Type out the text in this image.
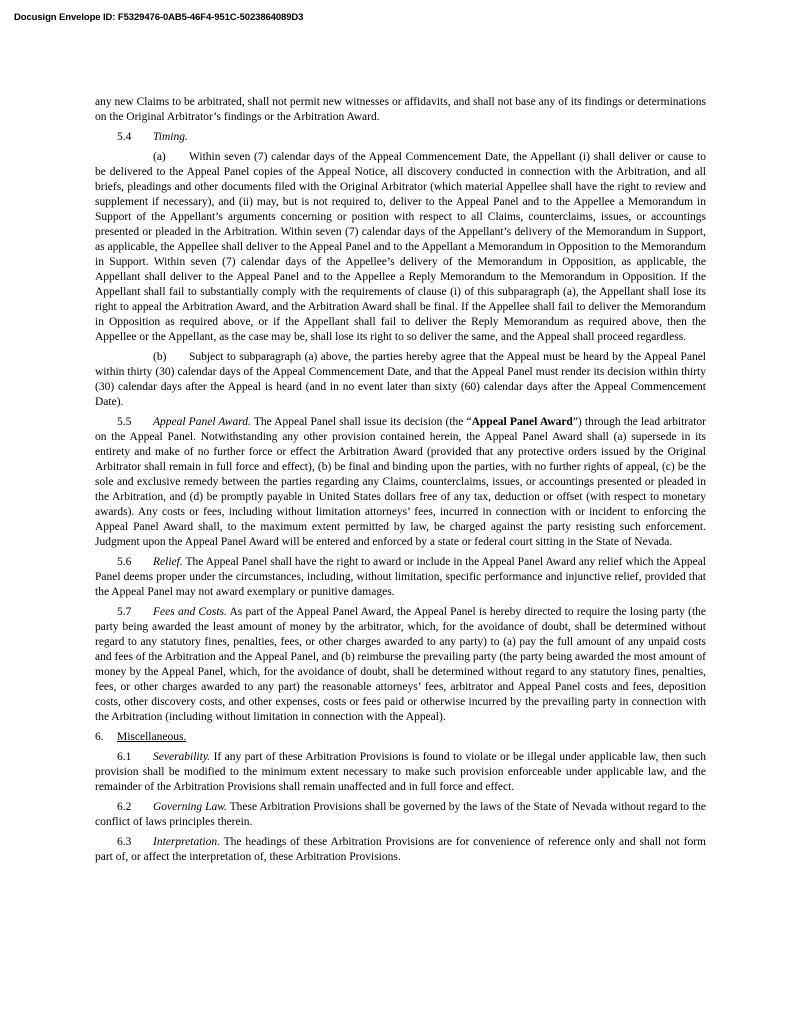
Docusign Envelope ID: F5329476-0AB5-46F4-951C-5023864089D3

any new Claims to be arbitrated, shall not permit new witnesses or affidavits, and shall not base any of its findings or determinations on the Original Arbitrator’s findings or the Arbitration Award.

5.4 Timing.

(a) Within seven (7) calendar days of the Appeal Commencement Date, the Appellant (i) shall deliver or cause to be delivered to the Appeal Panel copies of the Appeal Notice, all discovery conducted in connection with the Arbitration, and all briefs, pleadings and other documents filed with the Original Arbitrator (which material Appellee shall have the right to review and supplement if necessary), and (ii) may, but is not required to, deliver to the Appeal Panel and to the Appellee a Memorandum in Support of the Appellant’s arguments concerning or position with respect to all Claims, counterclaims, issues, or accountings presented or pleaded in the Arbitration. Within seven (7) calendar days of the Appellant’s delivery of the Memorandum in Support, as applicable, the Appellee shall deliver to the Appeal Panel and to the Appellant a Memorandum in Opposition to the Memorandum in Support. Within seven (7) calendar days of the Appellee’s delivery of the Memorandum in Opposition, as applicable, the Appellant shall deliver to the Appeal Panel and to the Appellee a Reply Memorandum to the Memorandum in Opposition. If the Appellant shall fail to substantially comply with the requirements of clause (i) of this subparagraph (a), the Appellant shall lose its right to appeal the Arbitration Award, and the Arbitration Award shall be final. If the Appellee shall fail to deliver the Memorandum in Opposition as required above, or if the Appellant shall fail to deliver the Reply Memorandum as required above, then the Appellee or the Appellant, as the case may be, shall lose its right to so deliver the same, and the Appeal shall proceed regardless.

(b) Subject to subparagraph (a) above, the parties hereby agree that the Appeal must be heard by the Appeal Panel within thirty (30) calendar days of the Appeal Commencement Date, and that the Appeal Panel must render its decision within thirty (30) calendar days after the Appeal is heard (and in no event later than sixty (60) calendar days after the Appeal Commencement Date).

5.5 Appeal Panel Award. The Appeal Panel shall issue its decision (the “Appeal Panel Award”) through the lead arbitrator on the Appeal Panel. Notwithstanding any other provision contained herein, the Appeal Panel Award shall (a) supersede in its entirety and make of no further force or effect the Arbitration Award (provided that any protective orders issued by the Original Arbitrator shall remain in full force and effect), (b) be final and binding upon the parties, with no further rights of appeal, (c) be the sole and exclusive remedy between the parties regarding any Claims, counterclaims, issues, or accountings presented or pleaded in the Arbitration, and (d) be promptly payable in United States dollars free of any tax, deduction or offset (with respect to monetary awards). Any costs or fees, including without limitation attorneys’ fees, incurred in connection with or incident to enforcing the Appeal Panel Award shall, to the maximum extent permitted by law, be charged against the party resisting such enforcement. Judgment upon the Appeal Panel Award will be entered and enforced by a state or federal court sitting in the State of Nevada.

5.6 Relief. The Appeal Panel shall have the right to award or include in the Appeal Panel Award any relief which the Appeal Panel deems proper under the circumstances, including, without limitation, specific performance and injunctive relief, provided that the Appeal Panel may not award exemplary or punitive damages.

5.7 Fees and Costs. As part of the Appeal Panel Award, the Appeal Panel is hereby directed to require the losing party (the party being awarded the least amount of money by the arbitrator, which, for the avoidance of doubt, shall be determined without regard to any statutory fines, penalties, fees, or other charges awarded to any party) to (a) pay the full amount of any unpaid costs and fees of the Arbitration and the Appeal Panel, and (b) reimburse the prevailing party (the party being awarded the most amount of money by the Appeal Panel, which, for the avoidance of doubt, shall be determined without regard to any statutory fines, penalties, fees, or other charges awarded to any part) the reasonable attorneys’ fees, arbitrator and Appeal Panel costs and fees, deposition costs, other discovery costs, and other expenses, costs or fees paid or otherwise incurred by the prevailing party in connection with the Arbitration (including without limitation in connection with the Appeal).

6. Miscellaneous.

6.1 Severability. If any part of these Arbitration Provisions is found to violate or be illegal under applicable law, then such provision shall be modified to the minimum extent necessary to make such provision enforceable under applicable law, and the remainder of the Arbitration Provisions shall remain unaffected and in full force and effect.

6.2 Governing Law. These Arbitration Provisions shall be governed by the laws of the State of Nevada without regard to the conflict of laws principles therein.

6.3 Interpretation. The headings of these Arbitration Provisions are for convenience of reference only and shall not form part of, or affect the interpretation of, these Arbitration Provisions.
